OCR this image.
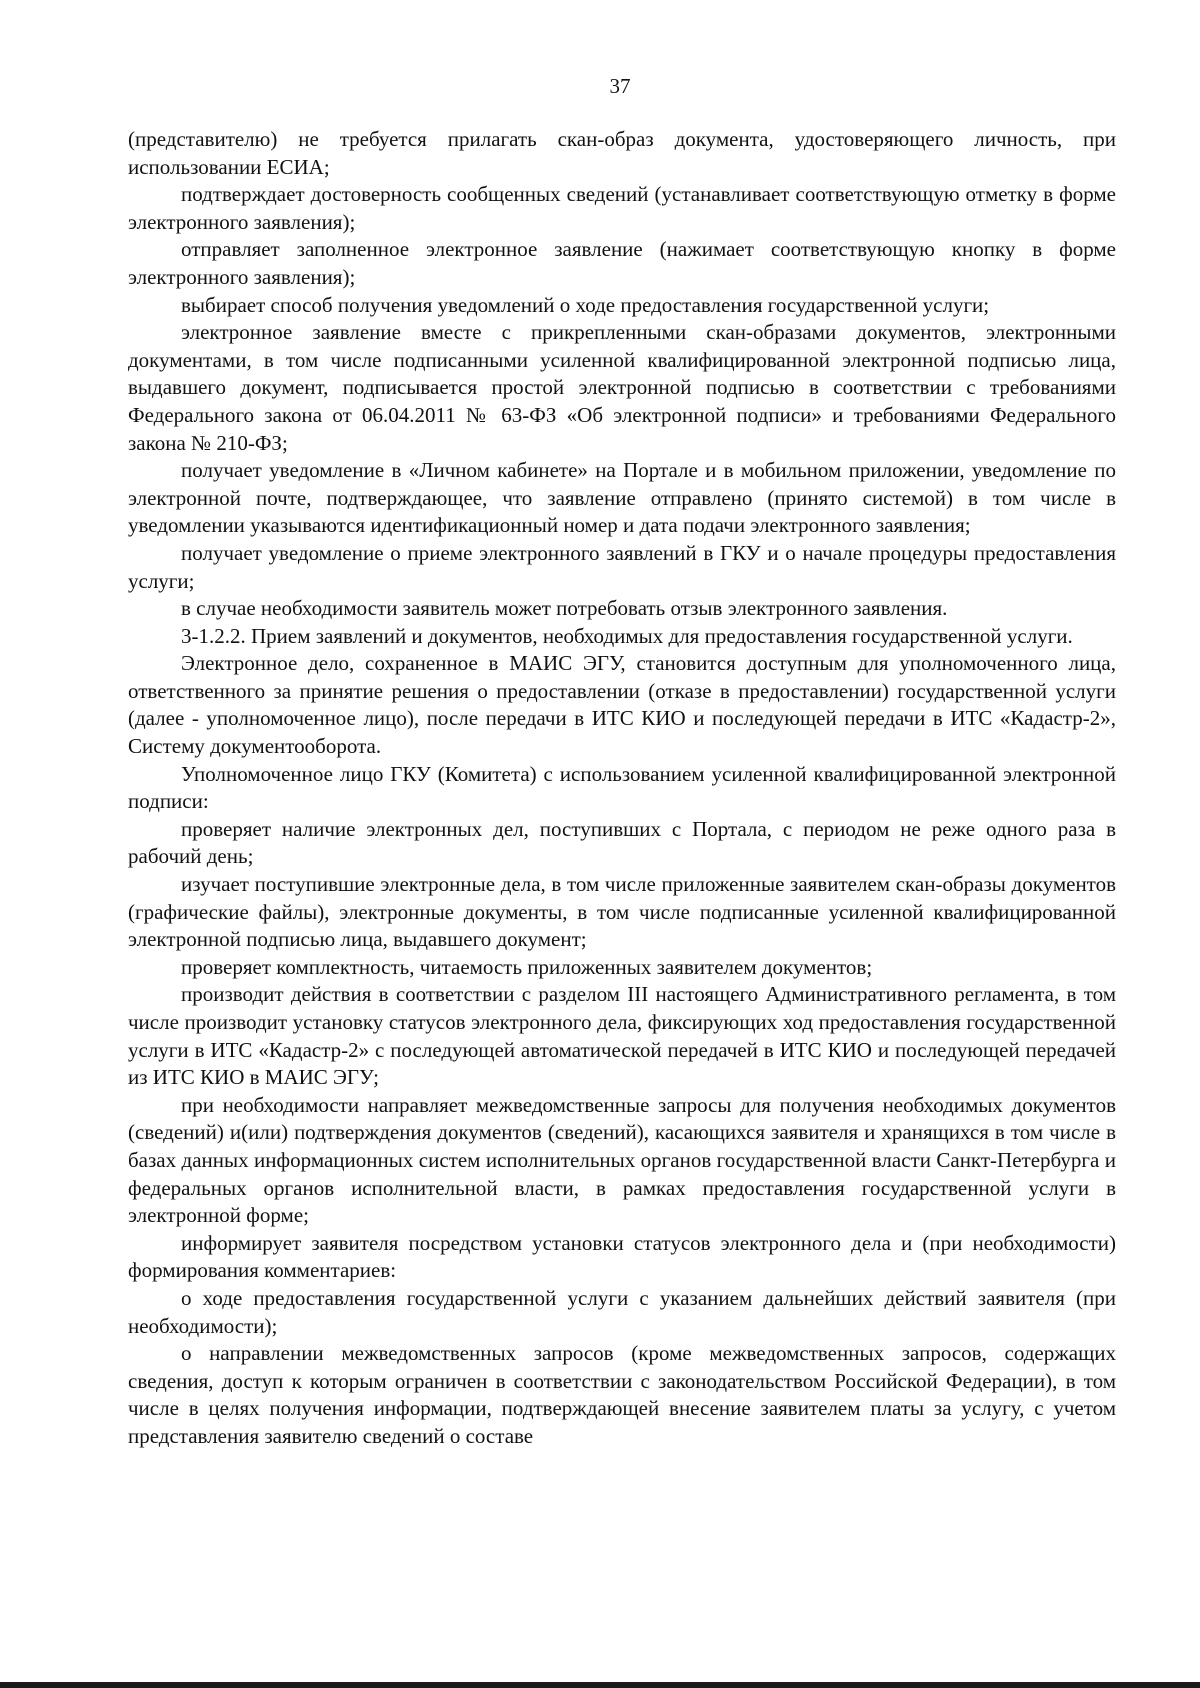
37

(представителю) не требуется прилагать скан-образ документа, удостоверяющего личность, при использовании ЕСИА;

подтверждает достоверность сообщенных сведений (устанавливает соответствующую отметку в форме электронного заявления);

отправляет заполненное электронное заявление (нажимает соответствующую кнопку в форме электронного заявления);

выбирает способ получения уведомлений о ходе предоставления государственной услуги;

электронное заявление вместе с прикрепленными скан-образами документов, электронными документами, в том числе подписанными усиленной квалифицированной электронной подписью лица, выдавшего документ, подписывается простой электронной подписью в соответствии с требованиями Федерального закона от 06.04.2011 № 63-ФЗ «Об электронной подписи» и требованиями Федерального закона № 210-ФЗ;

получает уведомление в «Личном кабинете» на Портале и в мобильном приложении, уведомление по электронной почте, подтверждающее, что заявление отправлено (принято системой) в том числе в уведомлении указываются идентификационный номер и дата подачи электронного заявления;

получает уведомление о приеме электронного заявлений в ГКУ и о начале процедуры предоставления услуги;

в случае необходимости заявитель может потребовать отзыв электронного заявления.

3-1.2.2. Прием заявлений и документов, необходимых для предоставления государственной услуги.

Электронное дело, сохраненное в МАИС ЭГУ, становится доступным для уполномоченного лица, ответственного за принятие решения о предоставлении (отказе в предоставлении) государственной услуги (далее - уполномоченное лицо), после передачи в ИТС КИО и последующей передачи в ИТС «Кадастр-2», Систему документооборота.

Уполномоченное лицо ГКУ (Комитета) с использованием усиленной квалифицированной электронной подписи:

проверяет наличие электронных дел, поступивших с Портала, с периодом не реже одного раза в рабочий день;

изучает поступившие электронные дела, в том числе приложенные заявителем скан-образы документов (графические файлы), электронные документы, в том числе подписанные усиленной квалифицированной электронной подписью лица, выдавшего документ;

проверяет комплектность, читаемость приложенных заявителем документов;

производит действия в соответствии с разделом III настоящего Административного регламента, в том числе производит установку статусов электронного дела, фиксирующих ход предоставления государственной услуги в ИТС «Кадастр-2» с последующей автоматической передачей в ИТС КИО и последующей передачей из ИТС КИО в МАИС ЭГУ;

при необходимости направляет межведомственные запросы для получения необходимых документов (сведений) и(или) подтверждения документов (сведений), касающихся заявителя и хранящихся в том числе в базах данных информационных систем исполнительных органов государственной власти Санкт-Петербурга и федеральных органов исполнительной власти, в рамках предоставления государственной услуги в электронной форме;

информирует заявителя посредством установки статусов электронного дела и (при необходимости) формирования комментариев:

о ходе предоставления государственной услуги с указанием дальнейших действий заявителя (при необходимости);

о направлении межведомственных запросов (кроме межведомственных запросов, содержащих сведения, доступ к которым ограничен в соответствии с законодательством Российской Федерации), в том числе в целях получения информации, подтверждающей внесение заявителем платы за услугу, с учетом представления заявителю сведений о составе
